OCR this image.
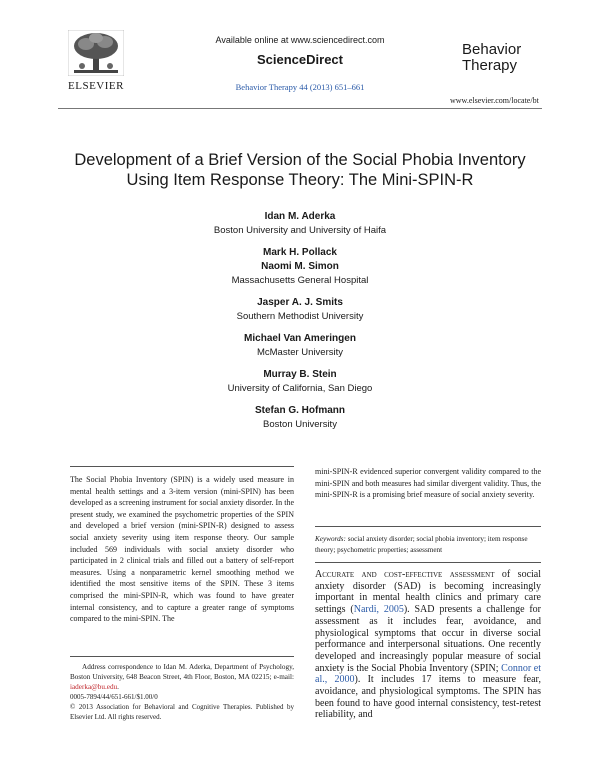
ELSEVIER
Available online at www.sciencedirect.com
ScienceDirect
Behavior Therapy 44 (2013) 651–661
Behavior
Therapy
www.elsevier.com/locate/bt
Development of a Brief Version of the Social Phobia Inventory
Using Item Response Theory: The Mini-SPIN-R
Idan M. Aderka
Boston University and University of Haifa
Mark H. Pollack
Naomi M. Simon
Massachusetts General Hospital
Jasper A. J. Smits
Southern Methodist University
Michael Van Ameringen
McMaster University
Murray B. Stein
University of California, San Diego
Stefan G. Hofmann
Boston University
The Social Phobia Inventory (SPIN) is a widely used measure in mental health settings and a 3-item version (mini-SPIN) has been developed as a screening instrument for social anxiety disorder. In the present study, we examined the psychometric properties of the SPIN and developed a brief version (mini-SPIN-R) designed to assess social anxiety severity using item response theory. Our sample included 569 individuals with social anxiety disorder who participated in 2 clinical trials and filled out a battery of self-report measures. Using a nonparametric kernel smoothing method we identified the most sensitive items of the SPIN. These 3 items comprised the mini-SPIN-R, which was found to have greater internal consistency, and to capture a greater range of symptoms compared to the mini-SPIN. The
Address correspondence to Idan M. Aderka, Department of Psychology, Boston University, 648 Beacon Street, 4th Floor, Boston, MA 02215; e-mail: iaderka@bu.edu.
0005-7894/44/651-661/$1.00/0
© 2013 Association for Behavioral and Cognitive Therapies. Published by Elsevier Ltd. All rights reserved.
mini-SPIN-R evidenced superior convergent validity compared to the mini-SPIN and both measures had similar divergent validity. Thus, the mini-SPIN-R is a promising brief measure of social anxiety severity.
Keywords: social anxiety disorder; social phobia inventory; item response theory; psychometric properties; assessment
Accurate and cost-effective assessment of social anxiety disorder (SAD) is becoming increasingly important in mental health clinics and primary care settings (Nardi, 2005). SAD presents a challenge for assessment as it includes fear, avoidance, and physiological symptoms that occur in diverse social performance and interpersonal situations. One recently developed and increasingly popular measure of social anxiety is the Social Phobia Inventory (SPIN; Connor et al., 2000). It includes 17 items to measure fear, avoidance, and physiological symptoms. The SPIN has been found to have good internal consistency, test-retest reliability, and
